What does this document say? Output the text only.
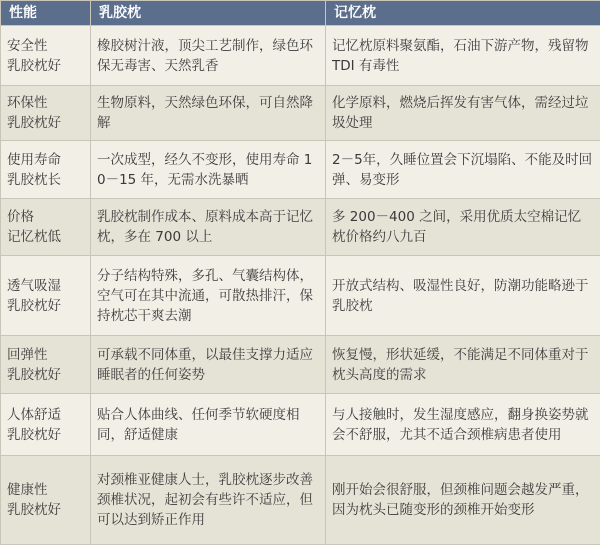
性能	乳胶枕	记忆枕

安全性
乳胶枕好	橡胶树汁液，顶尖工艺制作，绿色环保无毒害、天然乳香	记忆枕原料聚氨酯，石油下游产物，残留物 TDI 有毒性

环保性
乳胶枕好	生物原料，天然绿色环保，可自然降解	化学原料，燃烧后挥发有害气体，需经过垃圾处理

使用寿命
乳胶枕长	一次成型，经久不变形，使用寿命 10－15 年，无需水洗暴晒	2－5年，久睡位置会下沉塌陷、不能及时回弹、易变形

价格
记忆枕低	乳胶枕制作成本、原料成本高于记忆枕，多在 700 以上	多 200－400 之间，采用优质太空棉记忆枕价格约八九百

透气吸湿
乳胶枕好	分子结构特殊，多孔、气囊结构体，空气可在其中流通，可散热排汗，保持枕芯干爽去潮	开放式结构、吸湿性良好，防潮功能略逊于乳胶枕

回弹性
乳胶枕好	可承载不同体重，以最佳支撑力适应睡眠者的任何姿势	恢复慢，形状延缓，不能满足不同体重对于枕头高度的需求

人体舒适
乳胶枕好	贴合人体曲线、任何季节软硬度相同，舒适健康	与人接触时，发生湿度感应，翻身换姿势就会不舒服，尤其不适合颈椎病患者使用

健康性
乳胶枕好	对颈椎亚健康人士，乳胶枕逐步改善颈椎状况，起初会有些许不适应，但可以达到矫正作用	刚开始会很舒服，但颈椎问题会越发严重，因为枕头已随变形的颈椎开始变形
